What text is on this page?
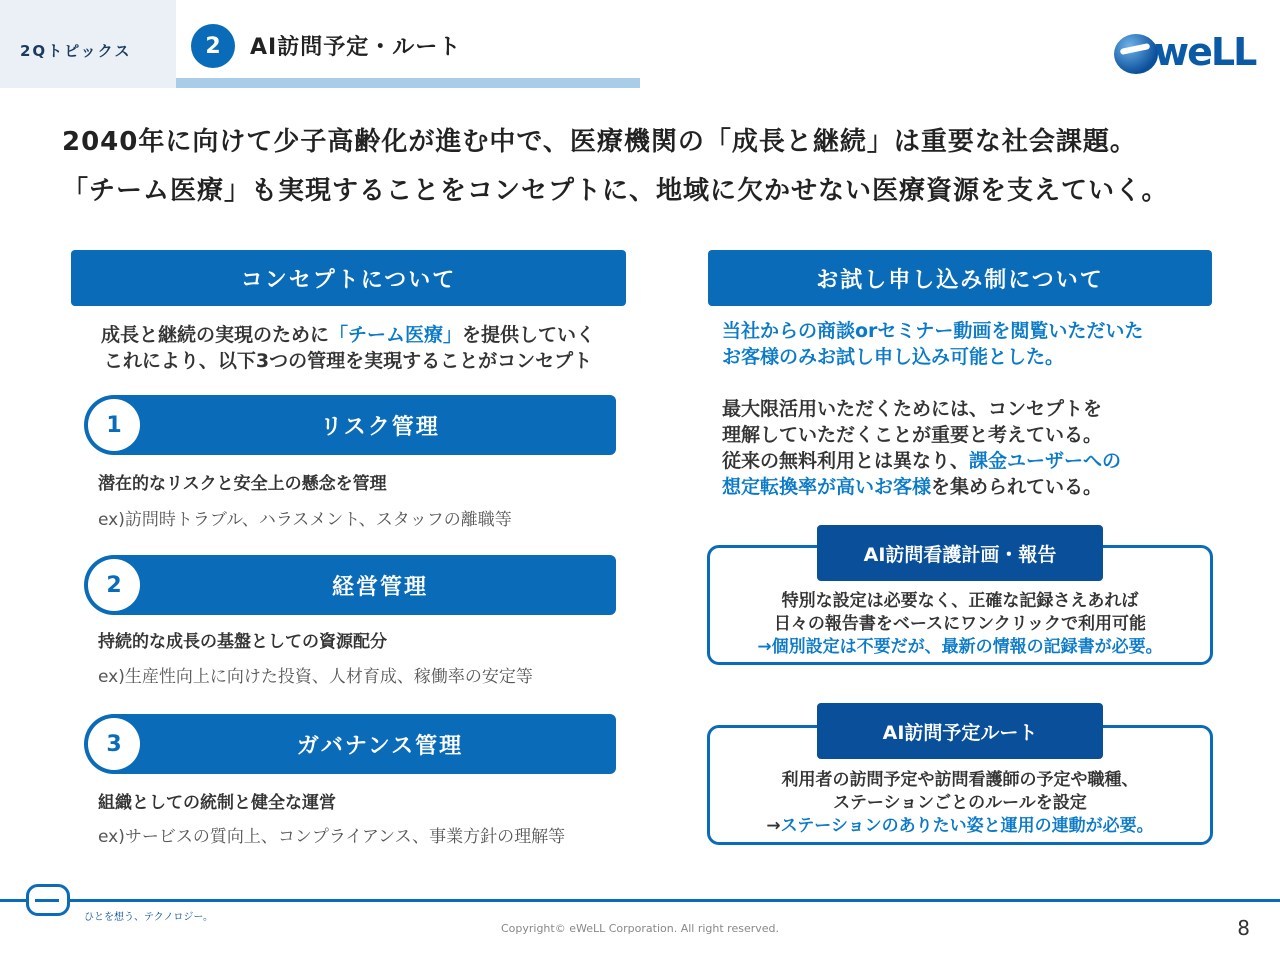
2Qトピックス	2	AI訪問予定・ルート	weLL
2040年に向けて少子高齢化が進む中で、医療機関の「成長と継続」は重要な社会課題。
「チーム医療」も実現することをコンセプトに、地域に欠かせない医療資源を支えていく。
コンセプトについて
成長と継続の実現のために「チーム医療」を提供していく
これにより、以下3つの管理を実現することがコンセプト
1	リスク管理
潜在的なリスクと安全上の懸念を管理
ex)訪問時トラブル、ハラスメント、スタッフの離職等
2	経営管理
持続的な成長の基盤としての資源配分
ex)生産性向上に向けた投資、人材育成、稼働率の安定等
3	ガバナンス管理
組織としての統制と健全な運営
ex)サービスの質向上、コンプライアンス、事業方針の理解等
お試し申し込み制について
当社からの商談orセミナー動画を閲覧いただいた
お客様のみお試し申し込み可能とした。
最大限活用いただくためには、コンセプトを
理解していただくことが重要と考えている。
従来の無料利用とは異なり、課金ユーザーへの
想定転換率が高いお客様を集められている。
AI訪問看護計画・報告
特別な設定は必要なく、正確な記録さえあれば
日々の報告書をベースにワンクリックで利用可能
→個別設定は不要だが、最新の情報の記録書が必要。
AI訪問予定ルート
利用者の訪問予定や訪問看護師の予定や職種、
ステーションごとのルールを設定
→ステーションのありたい姿と運用の連動が必要。
ひとを想う、テクノロジー。
Copyright© eWeLL Corporation. All right reserved.	8
